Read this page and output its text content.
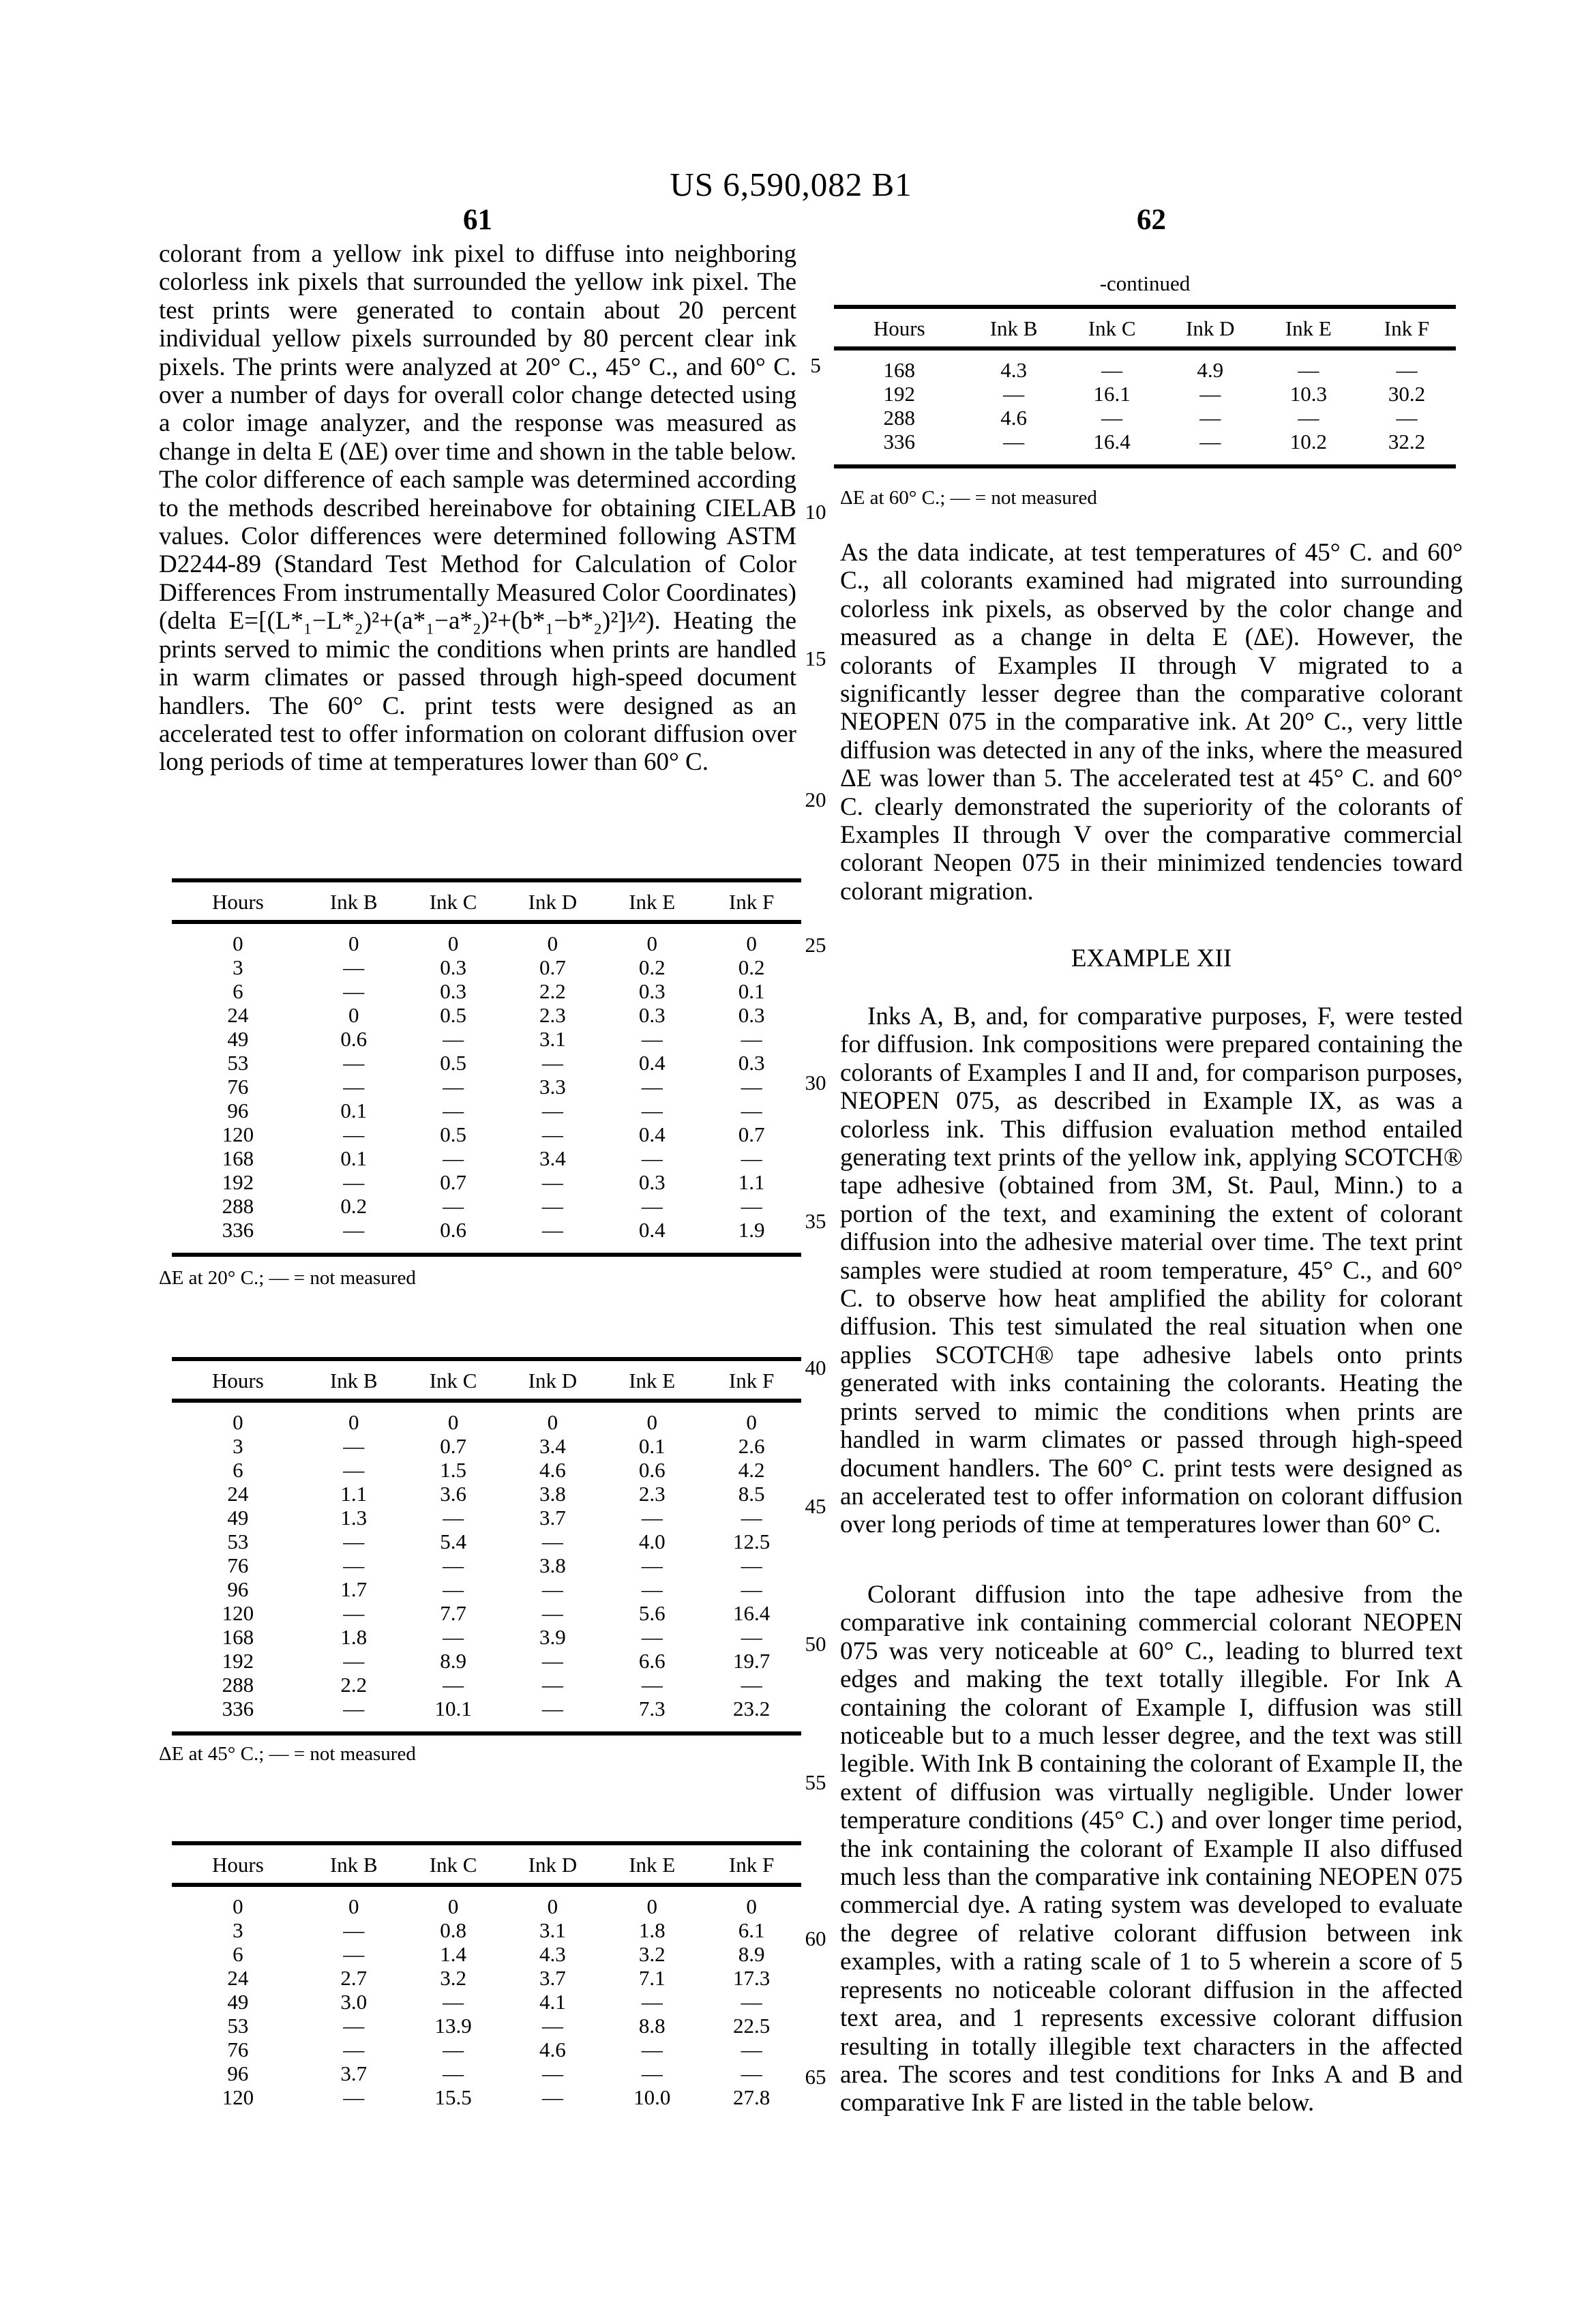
US 6,590,082 B1
61	62
5
10
15
20
25
30
35
40
45
50
55
60
65
colorant from a yellow ink pixel to diffuse into neighboring colorless ink pixels that surrounded the yellow ink pixel. The test prints were generated to contain about 20 percent individual yellow pixels surrounded by 80 percent clear ink pixels. The prints were analyzed at 20° C., 45° C., and 60° C. over a number of days for overall color change detected using a color image analyzer, and the response was measured as change in delta E (ΔE) over time and shown in the table below. The color difference of each sample was determined according to the methods described hereinabove for obtaining CIELAB values. Color differences were determined following ASTM D2244-89 (Standard Test Method for Calculation of Color Differences From instrumentally Measured Color Coordinates) (delta E=[(L*₁−L*₂)²+(a*₁−a*₂)²+(b*₁−b*₂)²]¹⁄²). Heating the prints served to mimic the conditions when prints are handled in warm climates or passed through high-speed document handlers. The 60° C. print tests were designed as an accelerated test to offer information on colorant diffusion over long periods of time at temperatures lower than 60° C.
Hours	Ink B	Ink C	Ink D	Ink E	Ink F
0	0	0	0	0	0
3	—	0.3	0.7	0.2	0.2
6	—	0.3	2.2	0.3	0.1
24	0	0.5	2.3	0.3	0.3
49	0.6	—	3.1	—	—
53	—	0.5	—	0.4	0.3
76	—	—	3.3	—	—
96	0.1	—	—	—	—
120	—	0.5	—	0.4	0.7
168	0.1	—	3.4	—	—
192	—	0.7	—	0.3	1.1
288	0.2	—	—	—	—
336	—	0.6	—	0.4	1.9
ΔE at 20° C.; — = not measured
Hours	Ink B	Ink C	Ink D	Ink E	Ink F
0	0	0	0	0	0
3	—	0.7	3.4	0.1	2.6
6	—	1.5	4.6	0.6	4.2
24	1.1	3.6	3.8	2.3	8.5
49	1.3	—	3.7	—	—
53	—	5.4	—	4.0	12.5
76	—	—	3.8	—	—
96	1.7	—	—	—	—
120	—	7.7	—	5.6	16.4
168	1.8	—	3.9	—	—
192	—	8.9	—	6.6	19.7
288	2.2	—	—	—	—
336	—	10.1	—	7.3	23.2
ΔE at 45° C.; — = not measured
Hours	Ink B	Ink C	Ink D	Ink E	Ink F
0	0	0	0	0	0
3	—	0.8	3.1	1.8	6.1
6	—	1.4	4.3	3.2	8.9
24	2.7	3.2	3.7	7.1	17.3
49	3.0	—	4.1	—	—
53	—	13.9	—	8.8	22.5
76	—	—	4.6	—	—
96	3.7	—	—	—	—
120	—	15.5	—	10.0	27.8
-continued
Hours	Ink B	Ink C	Ink D	Ink E	Ink F
168	4.3	—	4.9	—	—
192	—	16.1	—	10.3	30.2
288	4.6	—	—	—	—
336	—	16.4	—	10.2	32.2
ΔE at 60° C.; — = not measured
As the data indicate, at test temperatures of 45° C. and 60° C., all colorants examined had migrated into surrounding colorless ink pixels, as observed by the color change and measured as a change in delta E (ΔE). However, the colorants of Examples II through V migrated to a significantly lesser degree than the comparative colorant NEOPEN 075 in the comparative ink. At 20° C., very little diffusion was detected in any of the inks, where the measured ΔE was lower than 5. The accelerated test at 45° C. and 60° C. clearly demonstrated the superiority of the colorants of Examples II through V over the comparative commercial colorant Neopen 075 in their minimized tendencies toward colorant migration.
EXAMPLE XII
Inks A, B, and, for comparative purposes, F, were tested for diffusion. Ink compositions were prepared containing the colorants of Examples I and II and, for comparison purposes, NEOPEN 075, as described in Example IX, as was a colorless ink. This diffusion evaluation method entailed generating text prints of the yellow ink, applying SCOTCH® tape adhesive (obtained from 3M, St. Paul, Minn.) to a portion of the text, and examining the extent of colorant diffusion into the adhesive material over time. The text print samples were studied at room temperature, 45° C., and 60° C. to observe how heat amplified the ability for colorant diffusion. This test simulated the real situation when one applies SCOTCH® tape adhesive labels onto prints generated with inks containing the colorants. Heating the prints served to mimic the conditions when prints are handled in warm climates or passed through high-speed document handlers. The 60° C. print tests were designed as an accelerated test to offer information on colorant diffusion over long periods of time at temperatures lower than 60° C.
Colorant diffusion into the tape adhesive from the comparative ink containing commercial colorant NEOPEN 075 was very noticeable at 60° C., leading to blurred text edges and making the text totally illegible. For Ink A containing the colorant of Example I, diffusion was still noticeable but to a much lesser degree, and the text was still legible. With Ink B containing the colorant of Example II, the extent of diffusion was virtually negligible. Under lower temperature conditions (45° C.) and over longer time period, the ink containing the colorant of Example II also diffused much less than the comparative ink containing NEOPEN 075 commercial dye. A rating system was developed to evaluate the degree of relative colorant diffusion between ink examples, with a rating scale of 1 to 5 wherein a score of 5 represents no noticeable colorant diffusion in the affected text area, and 1 represents excessive colorant diffusion resulting in totally illegible text characters in the affected area. The scores and test conditions for Inks A and B and comparative Ink F are listed in the table below.
